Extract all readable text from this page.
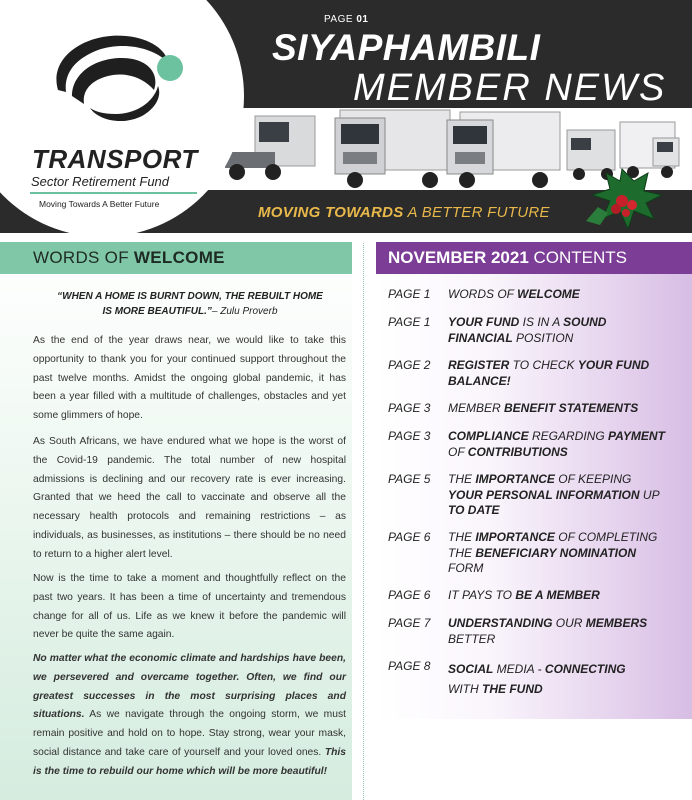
TRANSPORT
Sector Retirement Fund
Moving Towards A Better Future
PAGE 01
SIYAPHAMBILI
MEMBER NEWS
MOVING TOWARDS A BETTER FUTURE
WORDS OF WELCOME
“WHEN A HOME IS BURNT DOWN, THE REBUILT HOME
IS MORE BEAUTIFUL.”– Zulu Proverb
As the end of the year draws near, we would like to take this opportunity to thank you for your continued support throughout the past twelve months. Amidst the ongoing global pandemic, it has been a year filled with a multitude of challenges, obstacles and yet some glimmers of hope.
As South Africans, we have endured what we hope is the worst of the Covid-19 pandemic. The total number of new hospital admissions is declining and our recovery rate is ever increasing. Granted that we heed the call to vaccinate and observe all the necessary health protocols and remaining restrictions – as individuals, as businesses, as institutions – there should be no need to return to a higher alert level.
Now is the time to take a moment and thoughtfully reflect on the past two years. It has been a time of uncertainty and tremendous change for all of us. Life as we knew it before the pandemic will never be quite the same again.
No matter what the economic climate and hardships have been, we persevered and overcame together. Often, we find our greatest successes in the most surprising places and situations. As we navigate through the ongoing storm, we must remain positive and hold on to hope. Stay strong, wear your mask, social distance and take care of yourself and your loved ones. This is the time to rebuild our home which will be more beautiful!
NOVEMBER 2021 CONTENTS
PAGE 1 WORDS OF WELCOME
PAGE 1 YOUR FUND IS IN A SOUND FINANCIAL POSITION
PAGE 2 REGISTER TO CHECK YOUR FUND BALANCE!
PAGE 3 MEMBER BENEFIT STATEMENTS
PAGE 3 COMPLIANCE REGARDING PAYMENT OF CONTRIBUTIONS
PAGE 5 THE IMPORTANCE OF KEEPING YOUR PERSONAL INFORMATION UP TO DATE
PAGE 6 THE IMPORTANCE OF COMPLETING THE BENEFICIARY NOMINATION FORM
PAGE 6 IT PAYS TO BE A MEMBER
PAGE 7 UNDERSTANDING OUR MEMBERS BETTER
PAGE 8 SOCIAL MEDIA - CONNECTING
WITH THE FUND
